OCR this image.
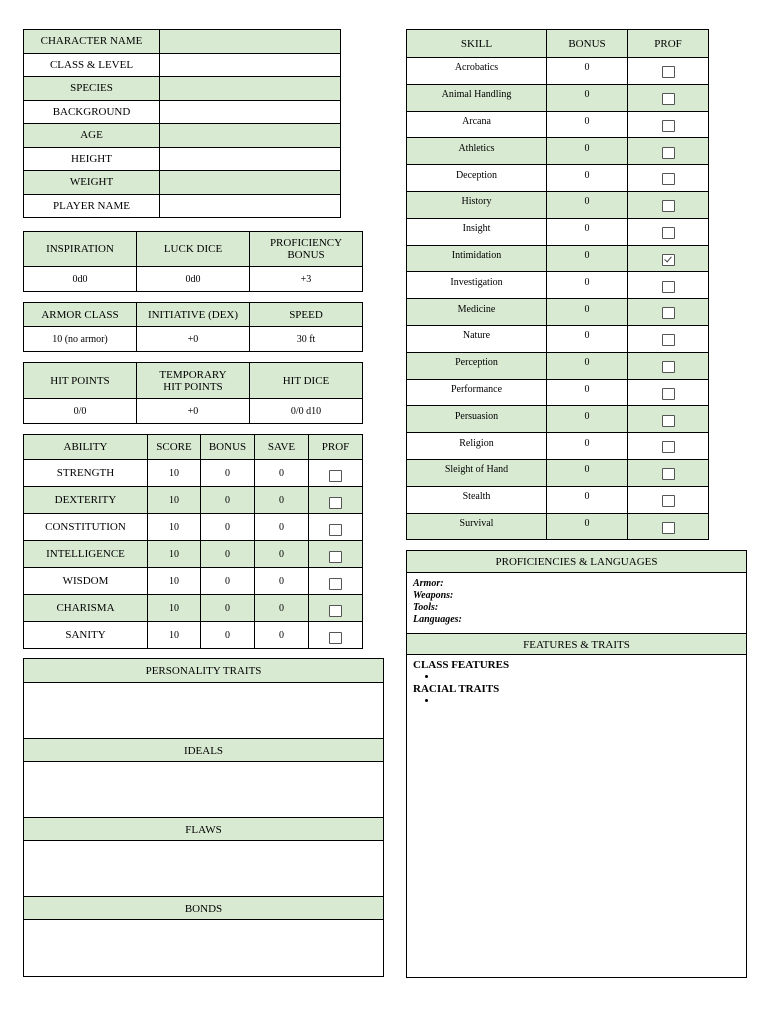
CHARACTER NAME	
CLASS & LEVEL	
SPECIES	
BACKGROUND	
AGE	
HEIGHT	
WEIGHT	
PLAYER NAME	
INSPIRATION	LUCK DICE	PROFICIENCY BONUS

0d0	0d0	+3
ARMOR CLASS	INITIATIVE (DEX)	SPEED
10 (no armor)	+0	30 ft
HIT POINTS	TEMPORARY HIT POINTS	HIT DICE
0/0	+0	0/0 d10
ABILITY	SCORE	BONUS	SAVE	PROF
STRENGTH	10	0	0	
DEXTERITY	10	0	0	
CONSTITUTION	10	0	0	
INTELLIGENCE	10	0	0	
WISDOM	10	0	0	
CHARISMA	10	0	0	
SANITY	10	0	0	
SKILL	BONUS	PROF
Acrobatics	0	
Animal Handling	0	
Arcana	0	
Athletics	0	
Deception	0	
History	0	
Insight	0	
Intimidation	0	
Investigation	0	
Medicine	0	
Nature	0	
Perception	0	
Performance	0	
Persuasion	0	
Religion	0	
Sleight of Hand	0	
Stealth	0	
Survival	0	
PERSONALITY TRAITS
IDEALS
FLAWS
BONDS
PROFICIENCIES & LANGUAGES
Armor:
Weapons:
Tools:
Languages:
FEATURES & TRAITS
CLASS FEATURES
•
RACIAL TRAITS
•
